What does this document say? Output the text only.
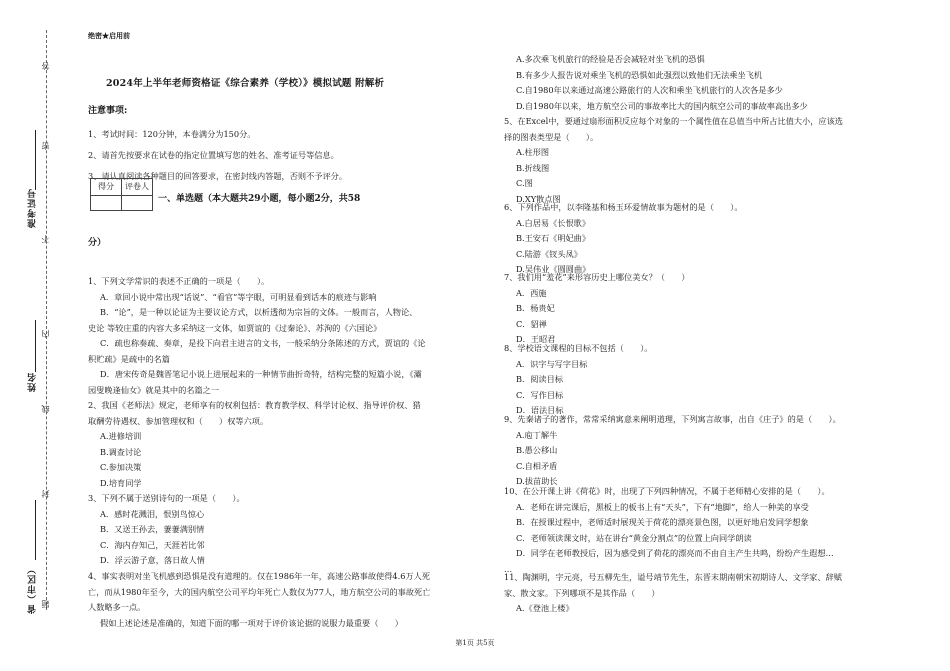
准考证号
姓名
省（市区）
答
题
不
内
线
封
密
绝密★启用前
2024年上半年老师资格证《综合素养（学校）》模拟试题 附解析
注意事项:

1、考试时间：120分钟，本卷满分为150分。

2、请首先按要求在试卷的指定位置填写您的姓名、准考证号等信息。

3、请认真阅读各种题目的回答要求，在密封线内答题，否则不予评分。

得分	评卷人

一、单选题（本大题共29小题，每小题2分，共58
分）

1、下列文学常识的表述不正确的一项是（　　）。

A．章回小说中常出现“话说”、“看官”等字眼，可明显看到话本的痕迹与影响

B．“论”，是一种以论证为主要议论方式，以析透彻为宗旨的文体。一般而言，人物论、

史论 等较庄重的内容大多采纳这一文体，如贾谊的《过秦论》、苏洵的《六国论》

C．疏也称奏疏、奏章，是投下向君主进言的文书，一般采纳分条陈述的方式，贾谊的《论

积贮疏》是疏中的名篇

D．唐宋传奇是魏晋笔记小说上进展起来的一种情节曲折奇特，结构完整的短篇小说，《灞

园叟晚逢仙女》就是其中的名篇之一

2、我国《老师法》规定，老师享有的权利包括：教育教学权、科学讨论权、指导评价权、猎

取酬劳待遇权、参加管理权和（　　）权等六项。

A.进修培训

B.调查讨论

C.参加决策

D.培育同学

3、下列不属于送别诗句的一项是（　　）。

A．感时花溅泪，恨别鸟惊心

B．又送王孙去，萋萋满别情

C．海内存知己，天涯若比邻

D．浮云游子意，落日故人情

4、事实表明对坐飞机感到恐惧是没有道理的。仅在1986年一年，高速公路事故使得4.6万人死

亡，而从1980年至今，大的国内航空公司平均年死亡人数仅为77人，地方航空公司的事故死亡

人数略多一点。

假如上述论述是准确的，知道下面的哪一项对于评价该论据的说服力最重要（　　）

A.多次乘飞机旅行的经验是否会减轻对坐飞机的恐惧

B.有多少人报告说对乘坐飞机的恐惧如此强烈以致他们无法乘坐飞机

C.自1980年以来通过高速公路旅行的人次和乘坐飞机旅行的人次各是多少

D.自1980年以来，地方航空公司的事故率比大的国内航空公司的事故率高出多少

5、在Excel中，要通过扇形面积反应每个对象的一个属性值在总值当中所占比值大小，应该选

择的图表类型是（　　）。

A.柱形图

B.折线图

C.图

D.XY散点图

6、下列作品中，以李隆基和杨玉环爱情故事为题材的是（　　）。

A.白居易《长恨歌》

B.王安石《明妃曲》

C.陆游《钗头凤》

D.吴伟业《圆圆曲》

7、我们用“羞花”来形容历史上哪位美女？（　　）

A．西施

B．杨贵妃

C．貂禅

D．王昭君

8、学校语文课程的目标不包括（　　）。

A．识字与写字目标

B．阅读目标

C．写作目标

D．语法目标

9、先秦诸子的著作，常常采纳寓意来阐明道理，下列寓言故事，出自《庄子》的是（　　）。

A.庖丁解牛

B.愚公移山

C.自相矛盾

D.拔苗助长

10、在公开课上讲《荷花》时，出现了下列四种情况，不属于老师精心安排的是（　　）。

A．老师在讲完课后，黑板上的板书上有“天头”，下有“地脚”，给人一种美的享受

B．在授课过程中，老师适时展现关于荷花的漂亮景色图，以更好地启发同学想象

C．老师领读课文时，站在讲台“黄金分割点”的位置上向同学朗读

D．同学在老师教授后，因为感受到了荷花的漂亮而不由自主产生共鸣，纷纷产生遐想…

…

11、陶渊明，字元亮，号五柳先生，谥号靖节先生，东晋末期南朝宋初期诗人、文学家、辞赋

家、散文家。下列哪项不是其作品（　　）

A.《登池上楼》

第1页 共5页
